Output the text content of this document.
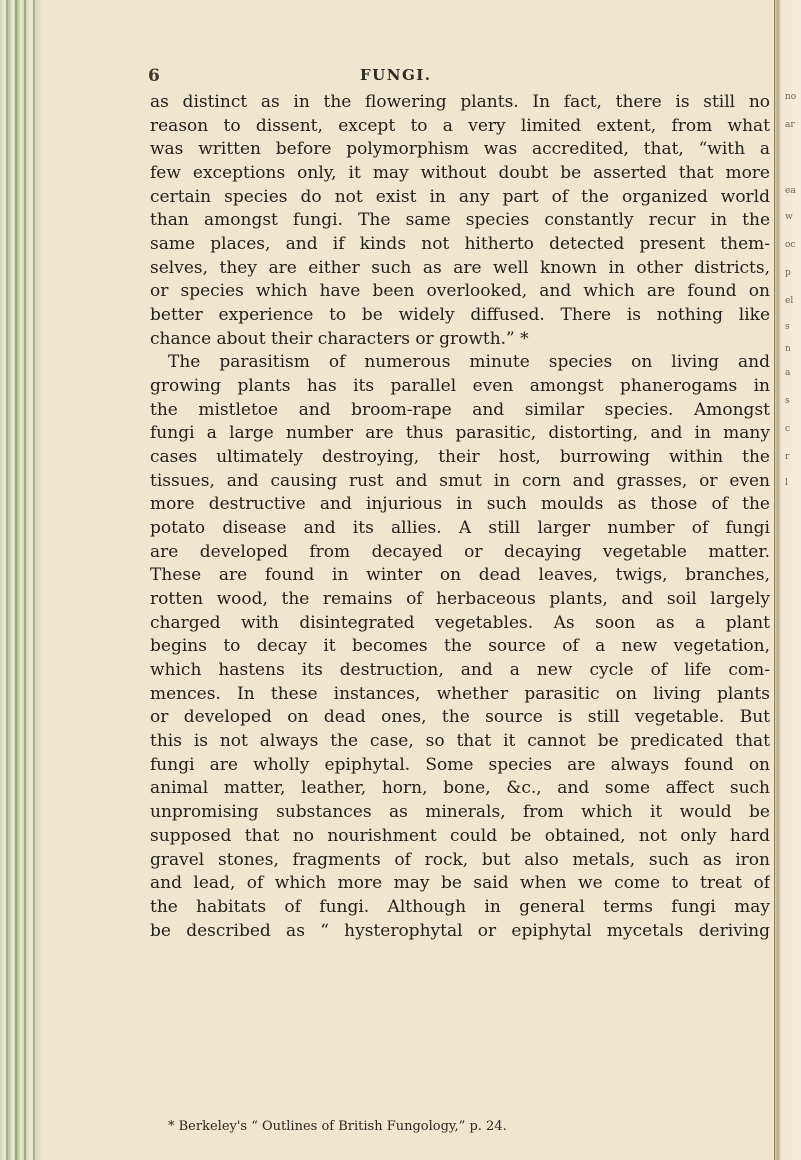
no
ar
ea
w
oc
p
el
s
n
a
s
c
r
l
6	FUNGI.
as distinct as in the flowering plants. In fact, there is still no
reason to dissent, except to a very limited extent, from what
was written before polymorphism was accredited, that, “with a
few exceptions only, it may without doubt be asserted that more
certain species do not exist in any part of the organized world
than amongst fungi. The same species constantly recur in the
same places, and if kinds not hitherto detected present them-
selves, they are either such as are well known in other districts,
or species which have been overlooked, and which are found on
better experience to be widely diffused. There is nothing like
chance about their characters or growth.” *
The parasitism of numerous minute species on living and
growing plants has its parallel even amongst phanerogams in
the mistletoe and broom-rape and similar species. Amongst
fungi a large number are thus parasitic, distorting, and in many
cases ultimately destroying, their host, burrowing within the
tissues, and causing rust and smut in corn and grasses, or even
more destructive and injurious in such moulds as those of the
potato disease and its allies. A still larger number of fungi
are developed from decayed or decaying vegetable matter.
These are found in winter on dead leaves, twigs, branches,
rotten wood, the remains of herbaceous plants, and soil largely
charged with disintegrated vegetables. As soon as a plant
begins to decay it becomes the source of a new vegetation,
which hastens its destruction, and a new cycle of life com-
mences. In these instances, whether parasitic on living plants
or developed on dead ones, the source is still vegetable. But
this is not always the case, so that it cannot be predicated that
fungi are wholly epiphytal. Some species are always found on
animal matter, leather, horn, bone, &c., and some affect such
unpromising substances as minerals, from which it would be
supposed that no nourishment could be obtained, not only hard
gravel stones, fragments of rock, but also metals, such as iron
and lead, of which more may be said when we come to treat of
the habitats of fungi. Although in general terms fungi may
be described as “ hysterophytal or epiphytal mycetals deriving
* Berkeley's “ Outlines of British Fungology,” p. 24.
